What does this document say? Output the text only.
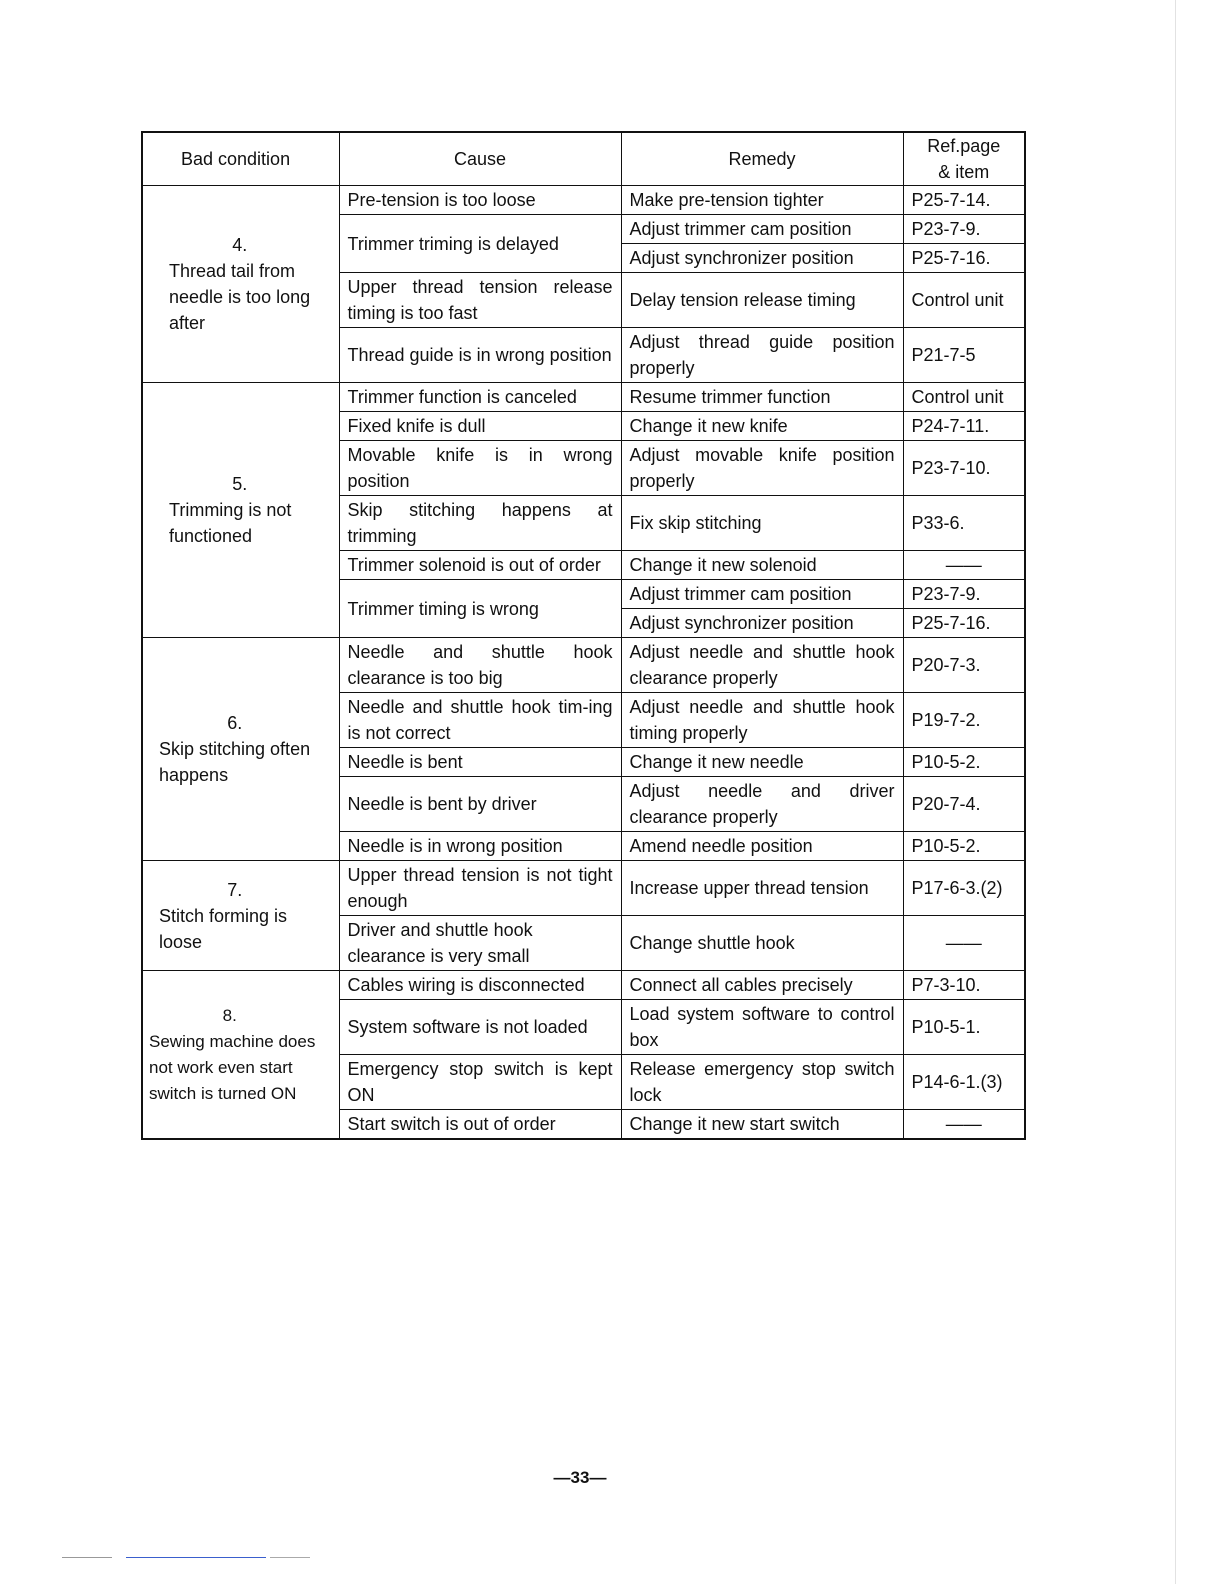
Bad condition	Cause	Remedy	Ref.page
& item

4.
Thread tail from needle is too long after	Pre-tension is too loose	Make pre-tension tighter	P25-7-14.
	Trimmer triming is delayed	Adjust trimmer cam position	P23-7-9.
		Adjust synchronizer position	P25-7-16.
	Upper thread tension release timing is too fast	Delay tension release timing	Control unit
	Thread guide is in wrong position	Adjust thread guide position properly	P21-7-5

5.
Trimming is not functioned	Trimmer function is canceled	Resume trimmer function	Control unit
	Fixed knife is dull	Change it new knife	P24-7-11.
	Movable knife is in wrong position	Adjust movable knife position properly	P23-7-10.
	Skip stitching happens at trimming	Fix skip stitching	P33-6.
	Trimmer solenoid is out of order	Change it new solenoid	——
	Trimmer timing is wrong	Adjust trimmer cam position	P23-7-9.
		Adjust synchronizer position	P25-7-16.

6.
Skip stitching often happens	Needle and shuttle hook clearance is too big	Adjust needle and shuttle hook clearance properly	P20-7-3.
	Needle and shuttle hook tim-ing is not correct	Adjust needle and shuttle hook timing properly	P19-7-2.
	Needle is bent	Change it new needle	P10-5-2.
	Needle is bent by driver	Adjust needle and driver clearance properly	P20-7-4.
	Needle is in wrong position	Amend needle position	P10-5-2.

7.
Stitch forming is loose	Upper thread tension is not tight enough	Increase upper thread tension	P17-6-3.(2)
	Driver and shuttle hook clearance is very small	Change shuttle hook	——

8.
Sewing machine does not work even start switch is turned ON	Cables wiring is disconnected	Connect all cables precisely	P7-3-10.
	System software is not loaded	Load system software to control box	P10-5-1.
	Emergency stop switch is kept ON	Release emergency stop switch lock	P14-6-1.(3)
	Start switch is out of order	Change it new start switch	——
—33—
